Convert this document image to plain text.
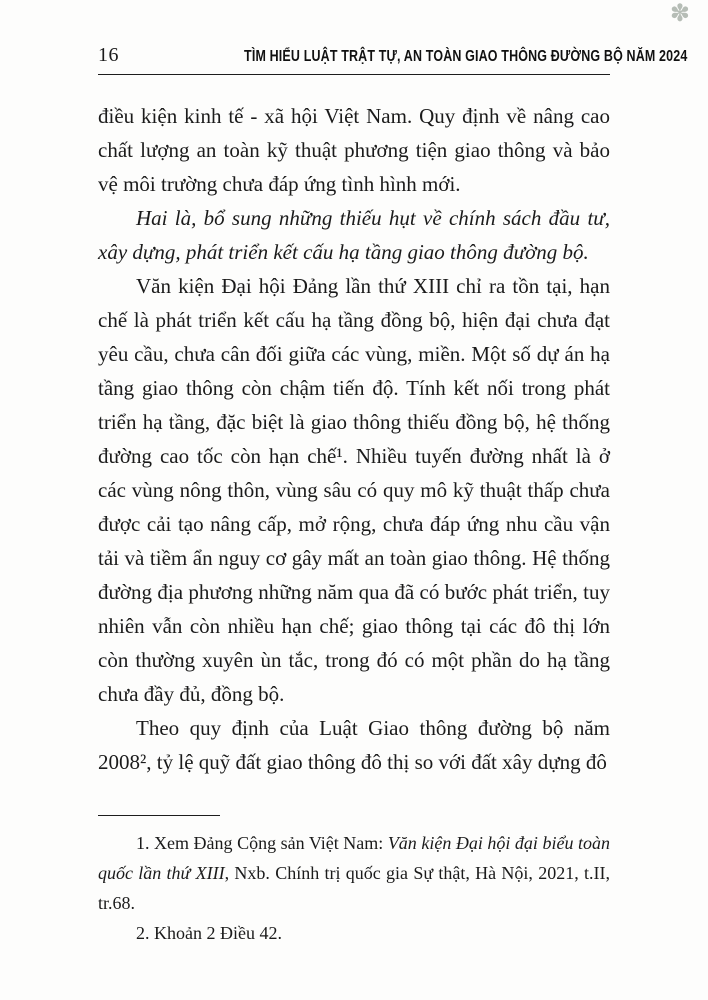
✽
16	TÌM HIỂU LUẬT TRẬT TỰ, AN TOÀN GIAO THÔNG ĐƯỜNG BỘ NĂM 2024

điều kiện kinh tế - xã hội Việt Nam. Quy định về nâng cao chất lượng an toàn kỹ thuật phương tiện giao thông và bảo vệ môi trường chưa đáp ứng tình hình mới.

Hai là, bổ sung những thiếu hụt về chính sách đầu tư, xây dựng, phát triển kết cấu hạ tầng giao thông đường bộ.

Văn kiện Đại hội Đảng lần thứ XIII chỉ ra tồn tại, hạn chế là phát triển kết cấu hạ tầng đồng bộ, hiện đại chưa đạt yêu cầu, chưa cân đối giữa các vùng, miền. Một số dự án hạ tầng giao thông còn chậm tiến độ. Tính kết nối trong phát triển hạ tầng, đặc biệt là giao thông thiếu đồng bộ, hệ thống đường cao tốc còn hạn chế¹. Nhiều tuyến đường nhất là ở các vùng nông thôn, vùng sâu có quy mô kỹ thuật thấp chưa được cải tạo nâng cấp, mở rộng, chưa đáp ứng nhu cầu vận tải và tiềm ẩn nguy cơ gây mất an toàn giao thông. Hệ thống đường địa phương những năm qua đã có bước phát triển, tuy nhiên vẫn còn nhiều hạn chế; giao thông tại các đô thị lớn còn thường xuyên ùn tắc, trong đó có một phần do hạ tầng chưa đầy đủ, đồng bộ.

Theo quy định của Luật Giao thông đường bộ năm 2008², tỷ lệ quỹ đất giao thông đô thị so với đất xây dựng đô

1. Xem Đảng Cộng sản Việt Nam: Văn kiện Đại hội đại biểu toàn quốc lần thứ XIII, Nxb. Chính trị quốc gia Sự thật, Hà Nội, 2021, t.II, tr.68.

2. Khoản 2 Điều 42.
